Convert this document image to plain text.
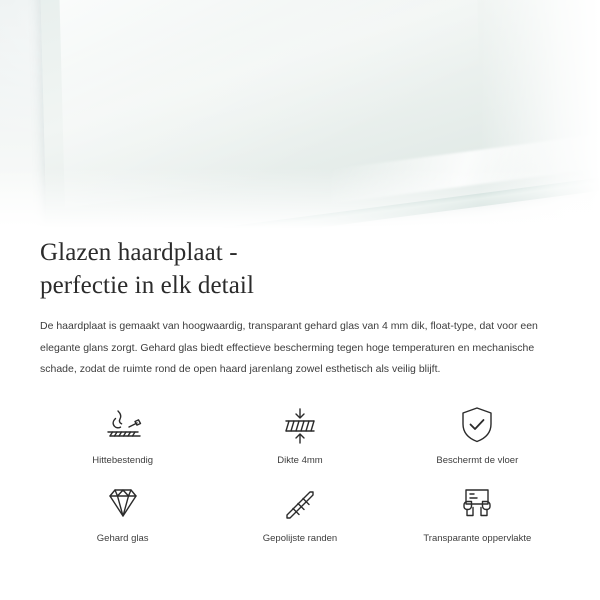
Glazen haardplaat -
perfectie in elk detail

De haardplaat is gemaakt van hoogwaardig, transparant gehard glas van 4 mm dik, float-type, dat voor een elegante glans zorgt. Gehard glas biedt effectieve bescherming tegen hoge temperaturen en mechanische schade, zodat de ruimte rond de open haard jarenlang zowel esthetisch als veilig blijft.

Hittebestendig	Dikte 4mm	Beschermt de vloer
Gehard glas	Gepolijste randen	Transparante oppervlakte
